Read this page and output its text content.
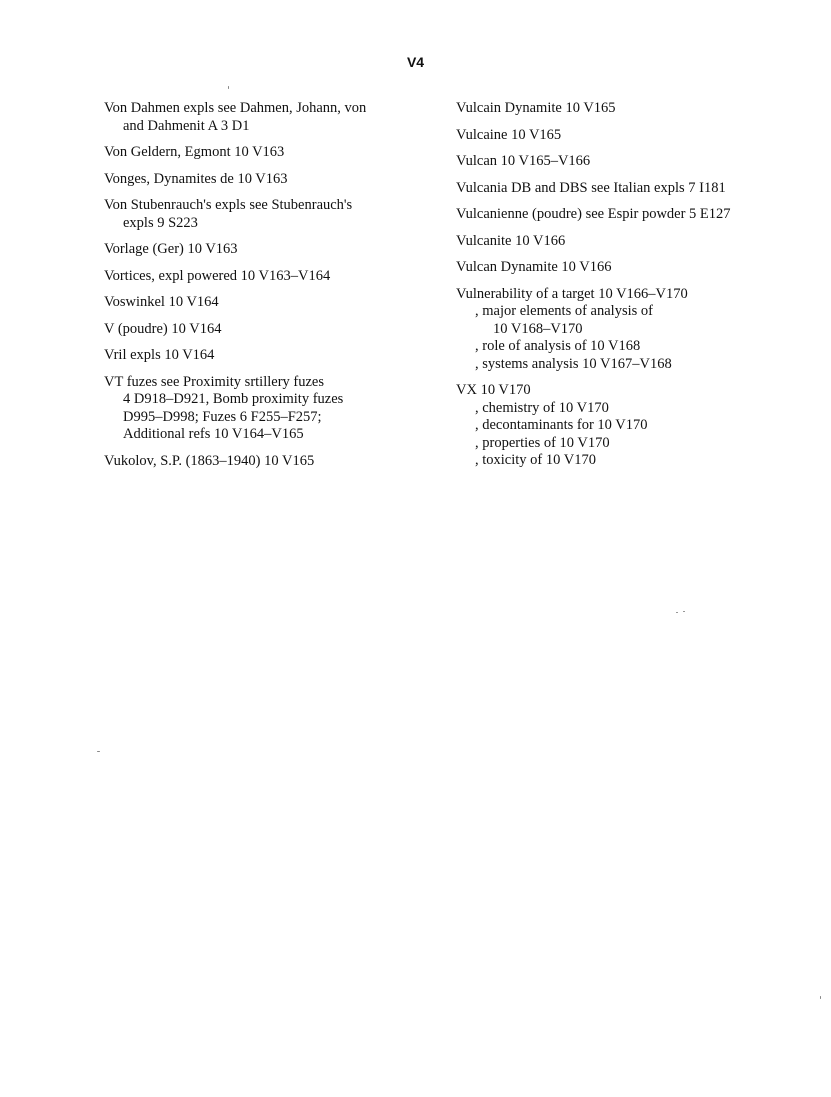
V4
Von Dahmen expls see Dahmen, Johann, von
and Dahmenit A 3 D1
Von Geldern, Egmont 10 V163
Vonges, Dynamites de 10 V163
Von Stubenrauch's expls see Stubenrauch's
expls 9 S223
Vorlage (Ger) 10 V163
Vortices, expl powered 10 V163–V164
Voswinkel 10 V164
V (poudre) 10 V164
Vril expls 10 V164
VT fuzes see Proximity srtillery fuzes
4 D918–D921, Bomb proximity fuzes
D995–D998; Fuzes 6 F255–F257;
Additional refs 10 V164–V165
Vukolov, S.P. (1863–1940) 10 V165
Vulcain Dynamite 10 V165
Vulcaine 10 V165
Vulcan 10 V165–V166
Vulcania DB and DBS see Italian expls 7 I181
Vulcanienne (poudre) see Espir powder 5 E127
Vulcanite 10 V166
Vulcan Dynamite 10 V166
Vulnerability of a target 10 V166–V170
, major elements of analysis of
10 V168–V170
, role of analysis of 10 V168
, systems analysis 10 V167–V168
VX 10 V170
, chemistry of 10 V170
, decontaminants for 10 V170
, properties of 10 V170
, toxicity of 10 V170
